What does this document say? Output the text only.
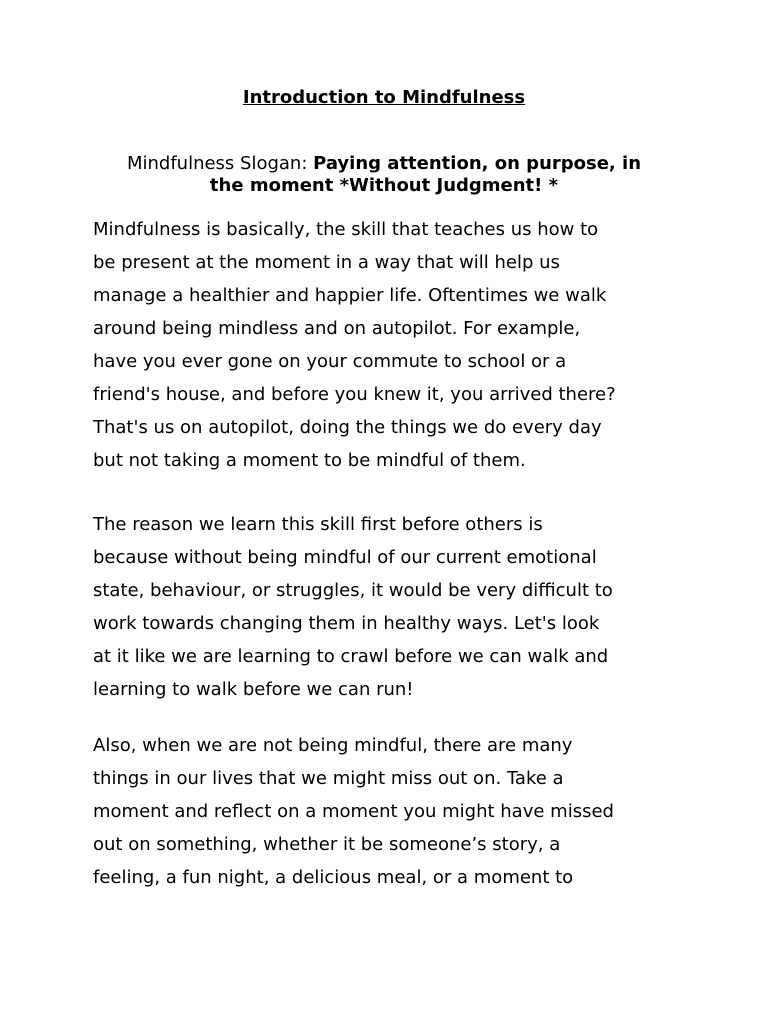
Introduction to Mindfulness

Mindfulness Slogan: Paying attention, on purpose, in
the moment *Without Judgment! *

Mindfulness is basically, the skill that teaches us how to
be present at the moment in a way that will help us
manage a healthier and happier life. Oftentimes we walk
around being mindless and on autopilot. For example,
have you ever gone on your commute to school or a
friend's house, and before you knew it, you arrived there?
That's us on autopilot, doing the things we do every day
but not taking a moment to be mindful of them.
The reason we learn this skill first before others is
because without being mindful of our current emotional
state, behaviour, or struggles, it would be very difficult to
work towards changing them in healthy ways. Let's look
at it like we are learning to crawl before we can walk and
learning to walk before we can run!
Also, when we are not being mindful, there are many
things in our lives that we might miss out on. Take a
moment and reflect on a moment you might have missed
out on something, whether it be someone’s story, a
feeling, a fun night, a delicious meal, or a moment to
